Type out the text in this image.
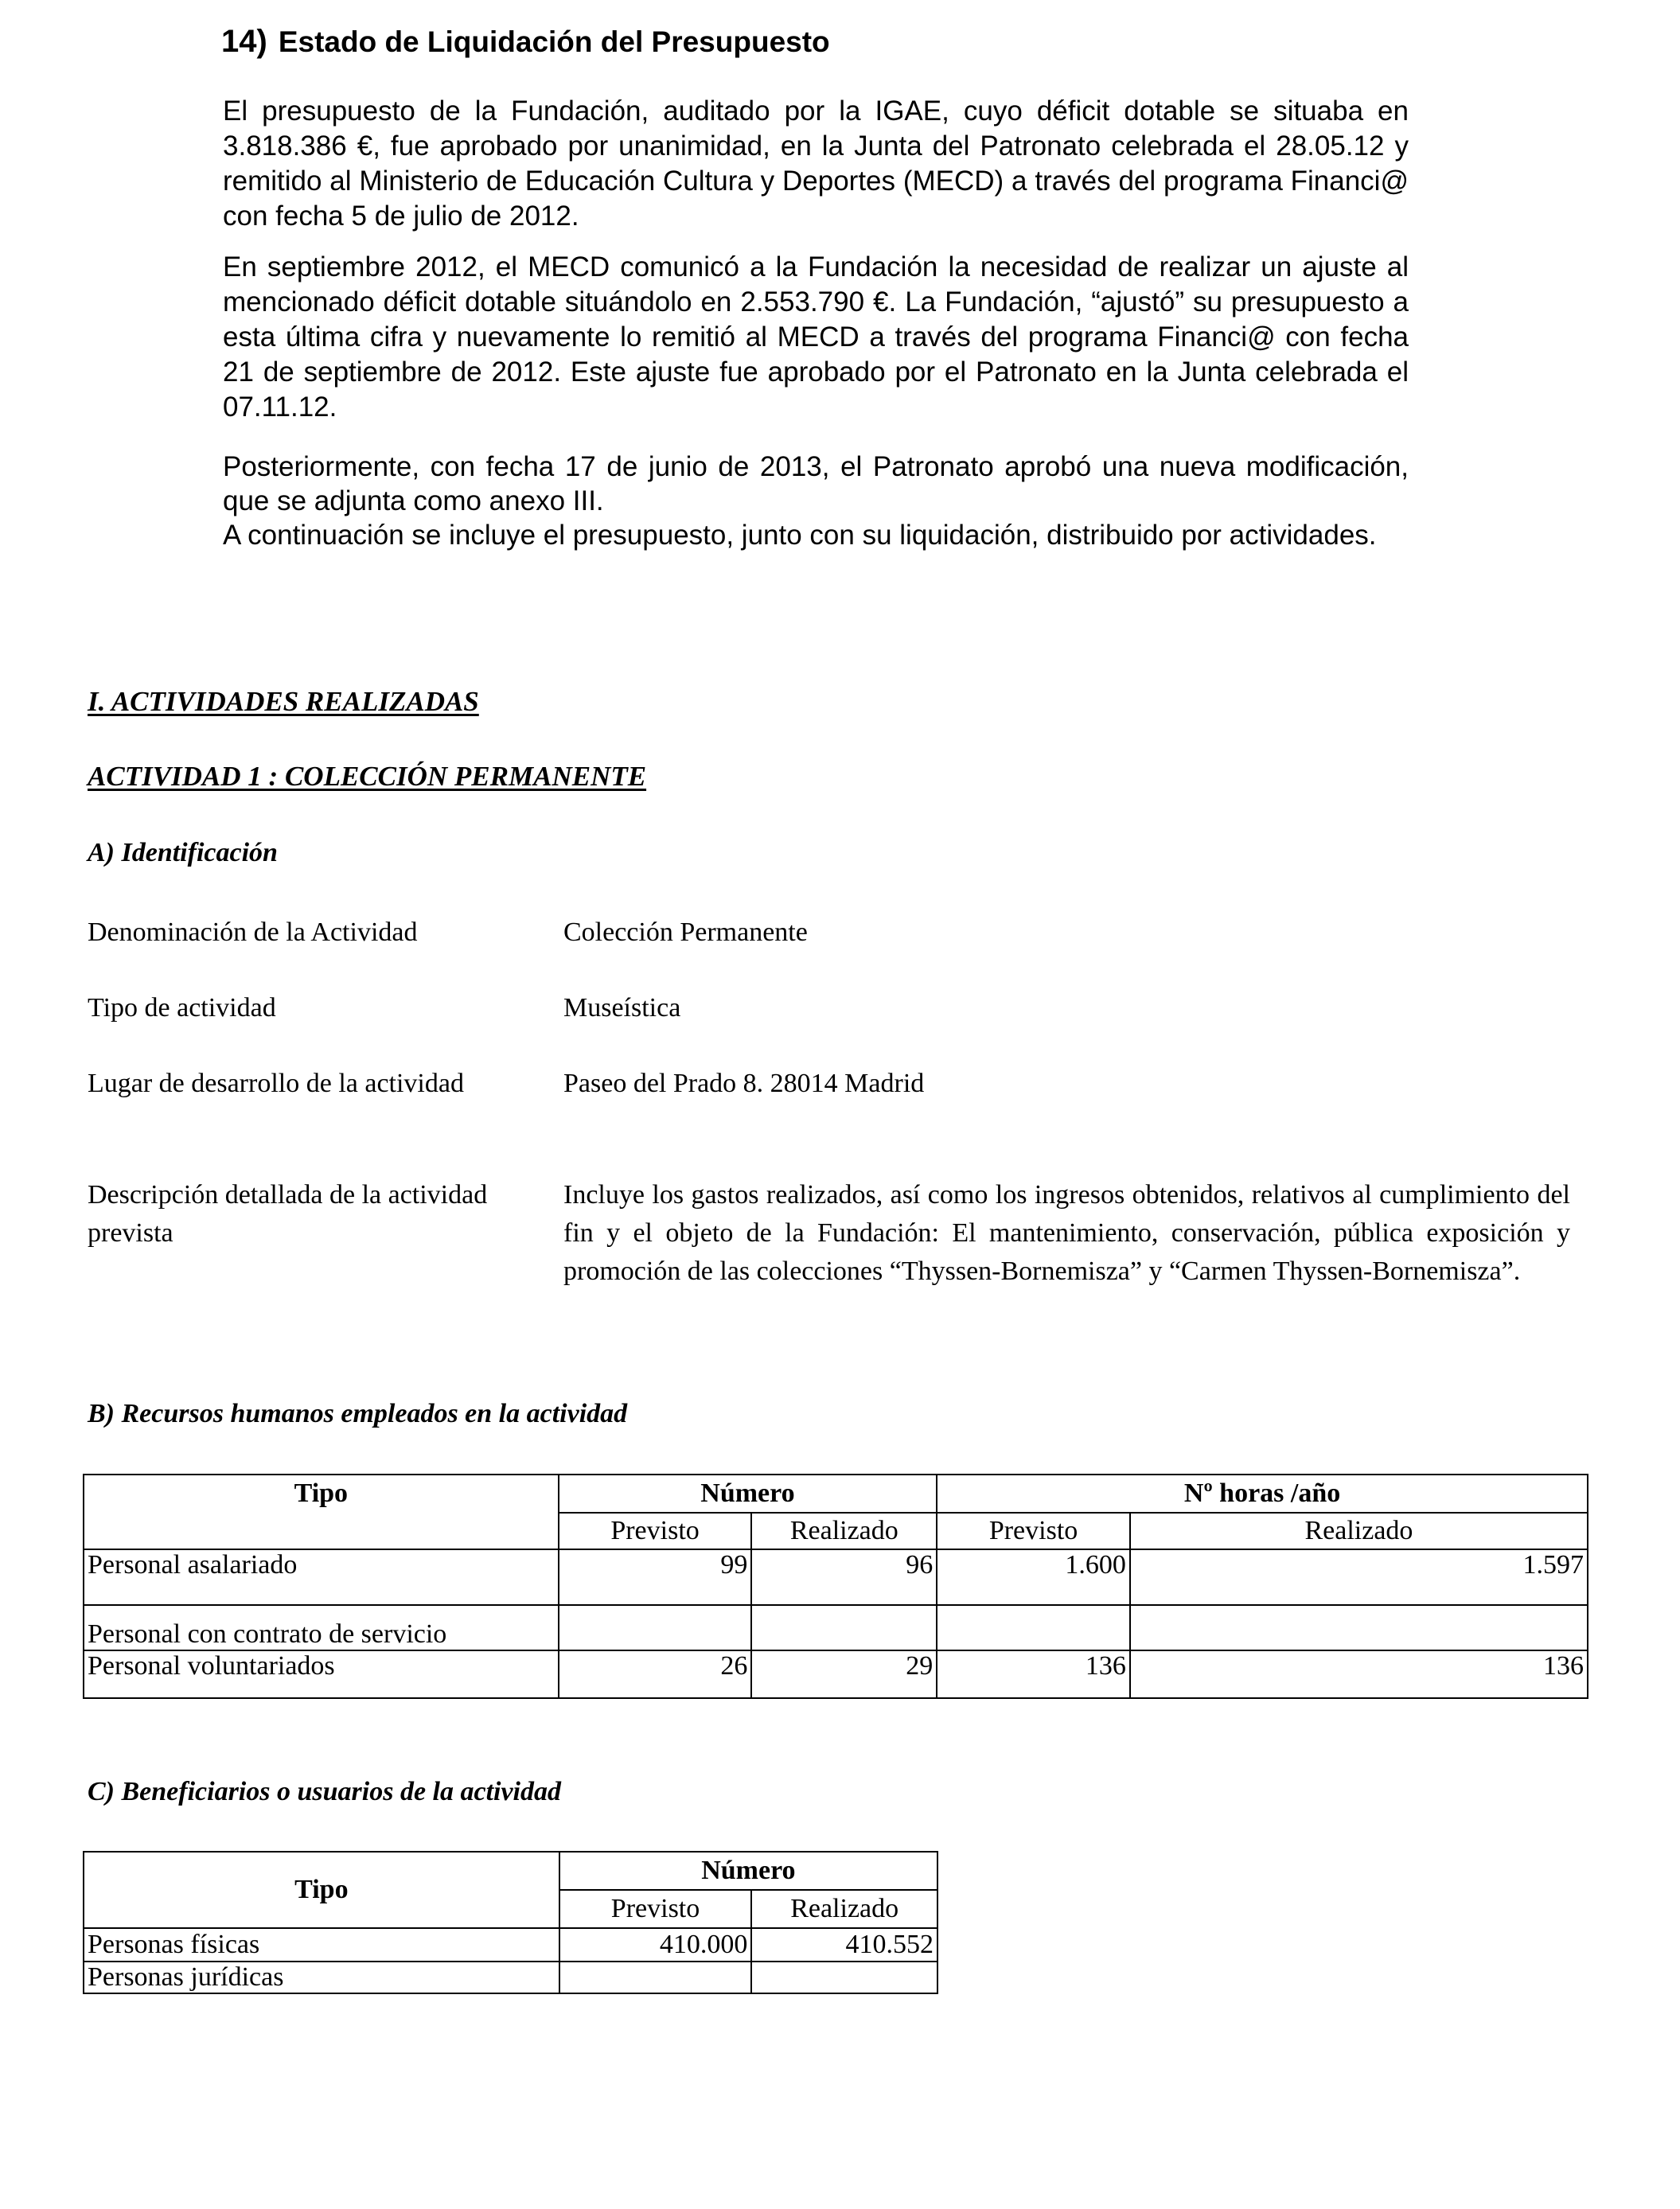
14) Estado de Liquidación del Presupuesto

El presupuesto de la Fundación, auditado por la IGAE, cuyo déficit dotable se situaba en 3.818.386 €, fue aprobado por unanimidad, en la Junta del Patronato celebrada el 28.05.12 y remitido al Ministerio de Educación Cultura y Deportes (MECD) a través del programa Financi@ con fecha 5 de julio de 2012.

En septiembre 2012, el MECD comunicó a la Fundación la necesidad de realizar un ajuste al mencionado déficit dotable situándolo en 2.553.790 €. La Fundación, “ajustó” su presupuesto a esta última cifra y nuevamente lo remitió al MECD a través del programa Financi@ con fecha 21 de septiembre de 2012. Este ajuste fue aprobado por el Patronato en la Junta celebrada el 07.11.12.

Posteriormente, con fecha 17 de junio de 2013, el Patronato aprobó una nueva modificación, que se adjunta como anexo III.
A continuación se incluye el presupuesto, junto con su liquidación, distribuido por actividades.
I. ACTIVIDADES REALIZADAS
ACTIVIDAD 1 : COLECCIÓN PERMANENTE
A) Identificación
Denominación de la Actividad	Colección Permanente
Tipo de actividad	Museística
Lugar de desarrollo de la actividad	Paseo del Prado 8. 28014 Madrid
Descripción detallada de la actividad prevista
Incluye los gastos realizados, así como los ingresos obtenidos, relativos al cumplimiento del fin y el objeto de la Fundación: El mantenimiento, conservación, pública exposición y promoción de las colecciones “Thyssen-Bornemisza” y “Carmen Thyssen-Bornemisza”.
B) Recursos humanos empleados en la actividad
Tipo	Número		Nº horas /año	
	Previsto	Realizado	Previsto	Realizado
Personal asalariado	99	96	1.600	1.597
Personal con contrato de servicio				
Personal voluntariados	26	29	136	136
C) Beneficiarios o usuarios de la actividad
Tipo	Número	
	Previsto	Realizado
Personas físicas	410.000	410.552
Personas jurídicas		
